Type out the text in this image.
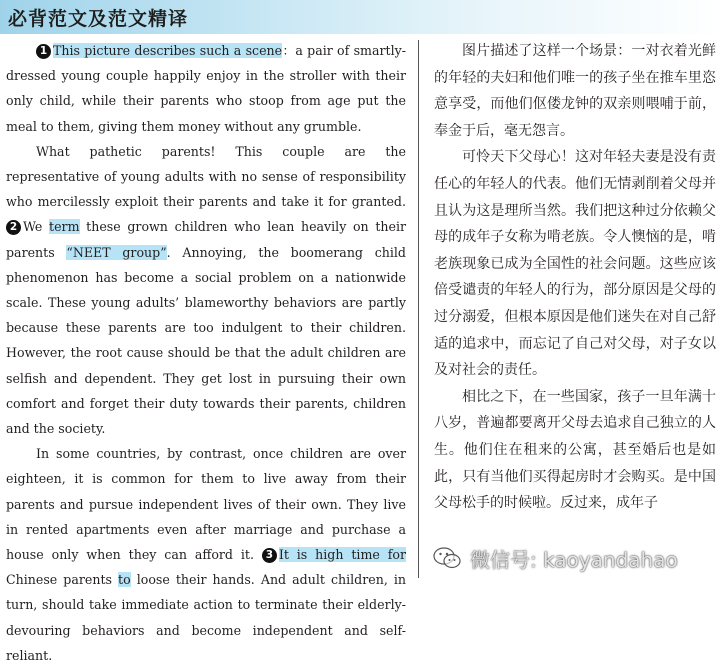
必背范文及范文精译

1 This picture describes such a scene：a pair of smartly-dressed young couple happily enjoy in the stroller with their only child, while their parents who stoop from age put the meal to them, giving them money without any grumble.

What pathetic parents! This couple are the representative of young adults with no sense of responsibility who mercilessly exploit their parents and take it for granted. 2 We term these grown children who lean heavily on their parents “NEET group”. Annoying, the boomerang child phenomenon has become a social problem on a nationwide scale. These young adults’ blameworthy behaviors are partly because these parents are too indulgent to their children. However, the root cause should be that the adult children are selfish and dependent. They get lost in pursuing their own comfort and forget their duty towards their parents, children and the society.

In some countries, by contrast, once children are over eighteen, it is common for them to live away from their parents and pursue independent lives of their own. They live in rented apartments even after marriage and purchase a house only when they can afford it. 3 It is high time for Chinese parents to loose their hands. And adult children, in turn, should take immediate action to terminate their elderly-devouring behaviors and become independent and self-reliant.

图片描述了这样一个场景：一对衣着光鲜的年轻的夫妇和他们唯一的孩子坐在推车里恣意享受，而他们伛偻龙钟的双亲则喂哺于前，奉金于后，毫无怨言。

可怜天下父母心！这对年轻夫妻是没有责任心的年轻人的代表。他们无情剥削着父母并且认为这是理所当然。我们把这种过分依赖父母的成年子女称为啃老族。令人懊恼的是，啃老族现象已成为全国性的社会问题。这些应该倍受谴责的年轻人的行为，部分原因是父母的过分溺爱，但根本原因是他们迷失在对自己舒适的追求中，而忘记了自己对父母，对子女以及对社会的责任。

相比之下，在一些国家，孩子一旦年满十八岁，普遍都要离开父母去追求自己独立的人生。他们住在租来的公寓，甚至婚后也是如此，只有当他们买得起房时才会购买。是中国父母松手的时候啦。反过来，成年子

微信号: kaoyandahao
